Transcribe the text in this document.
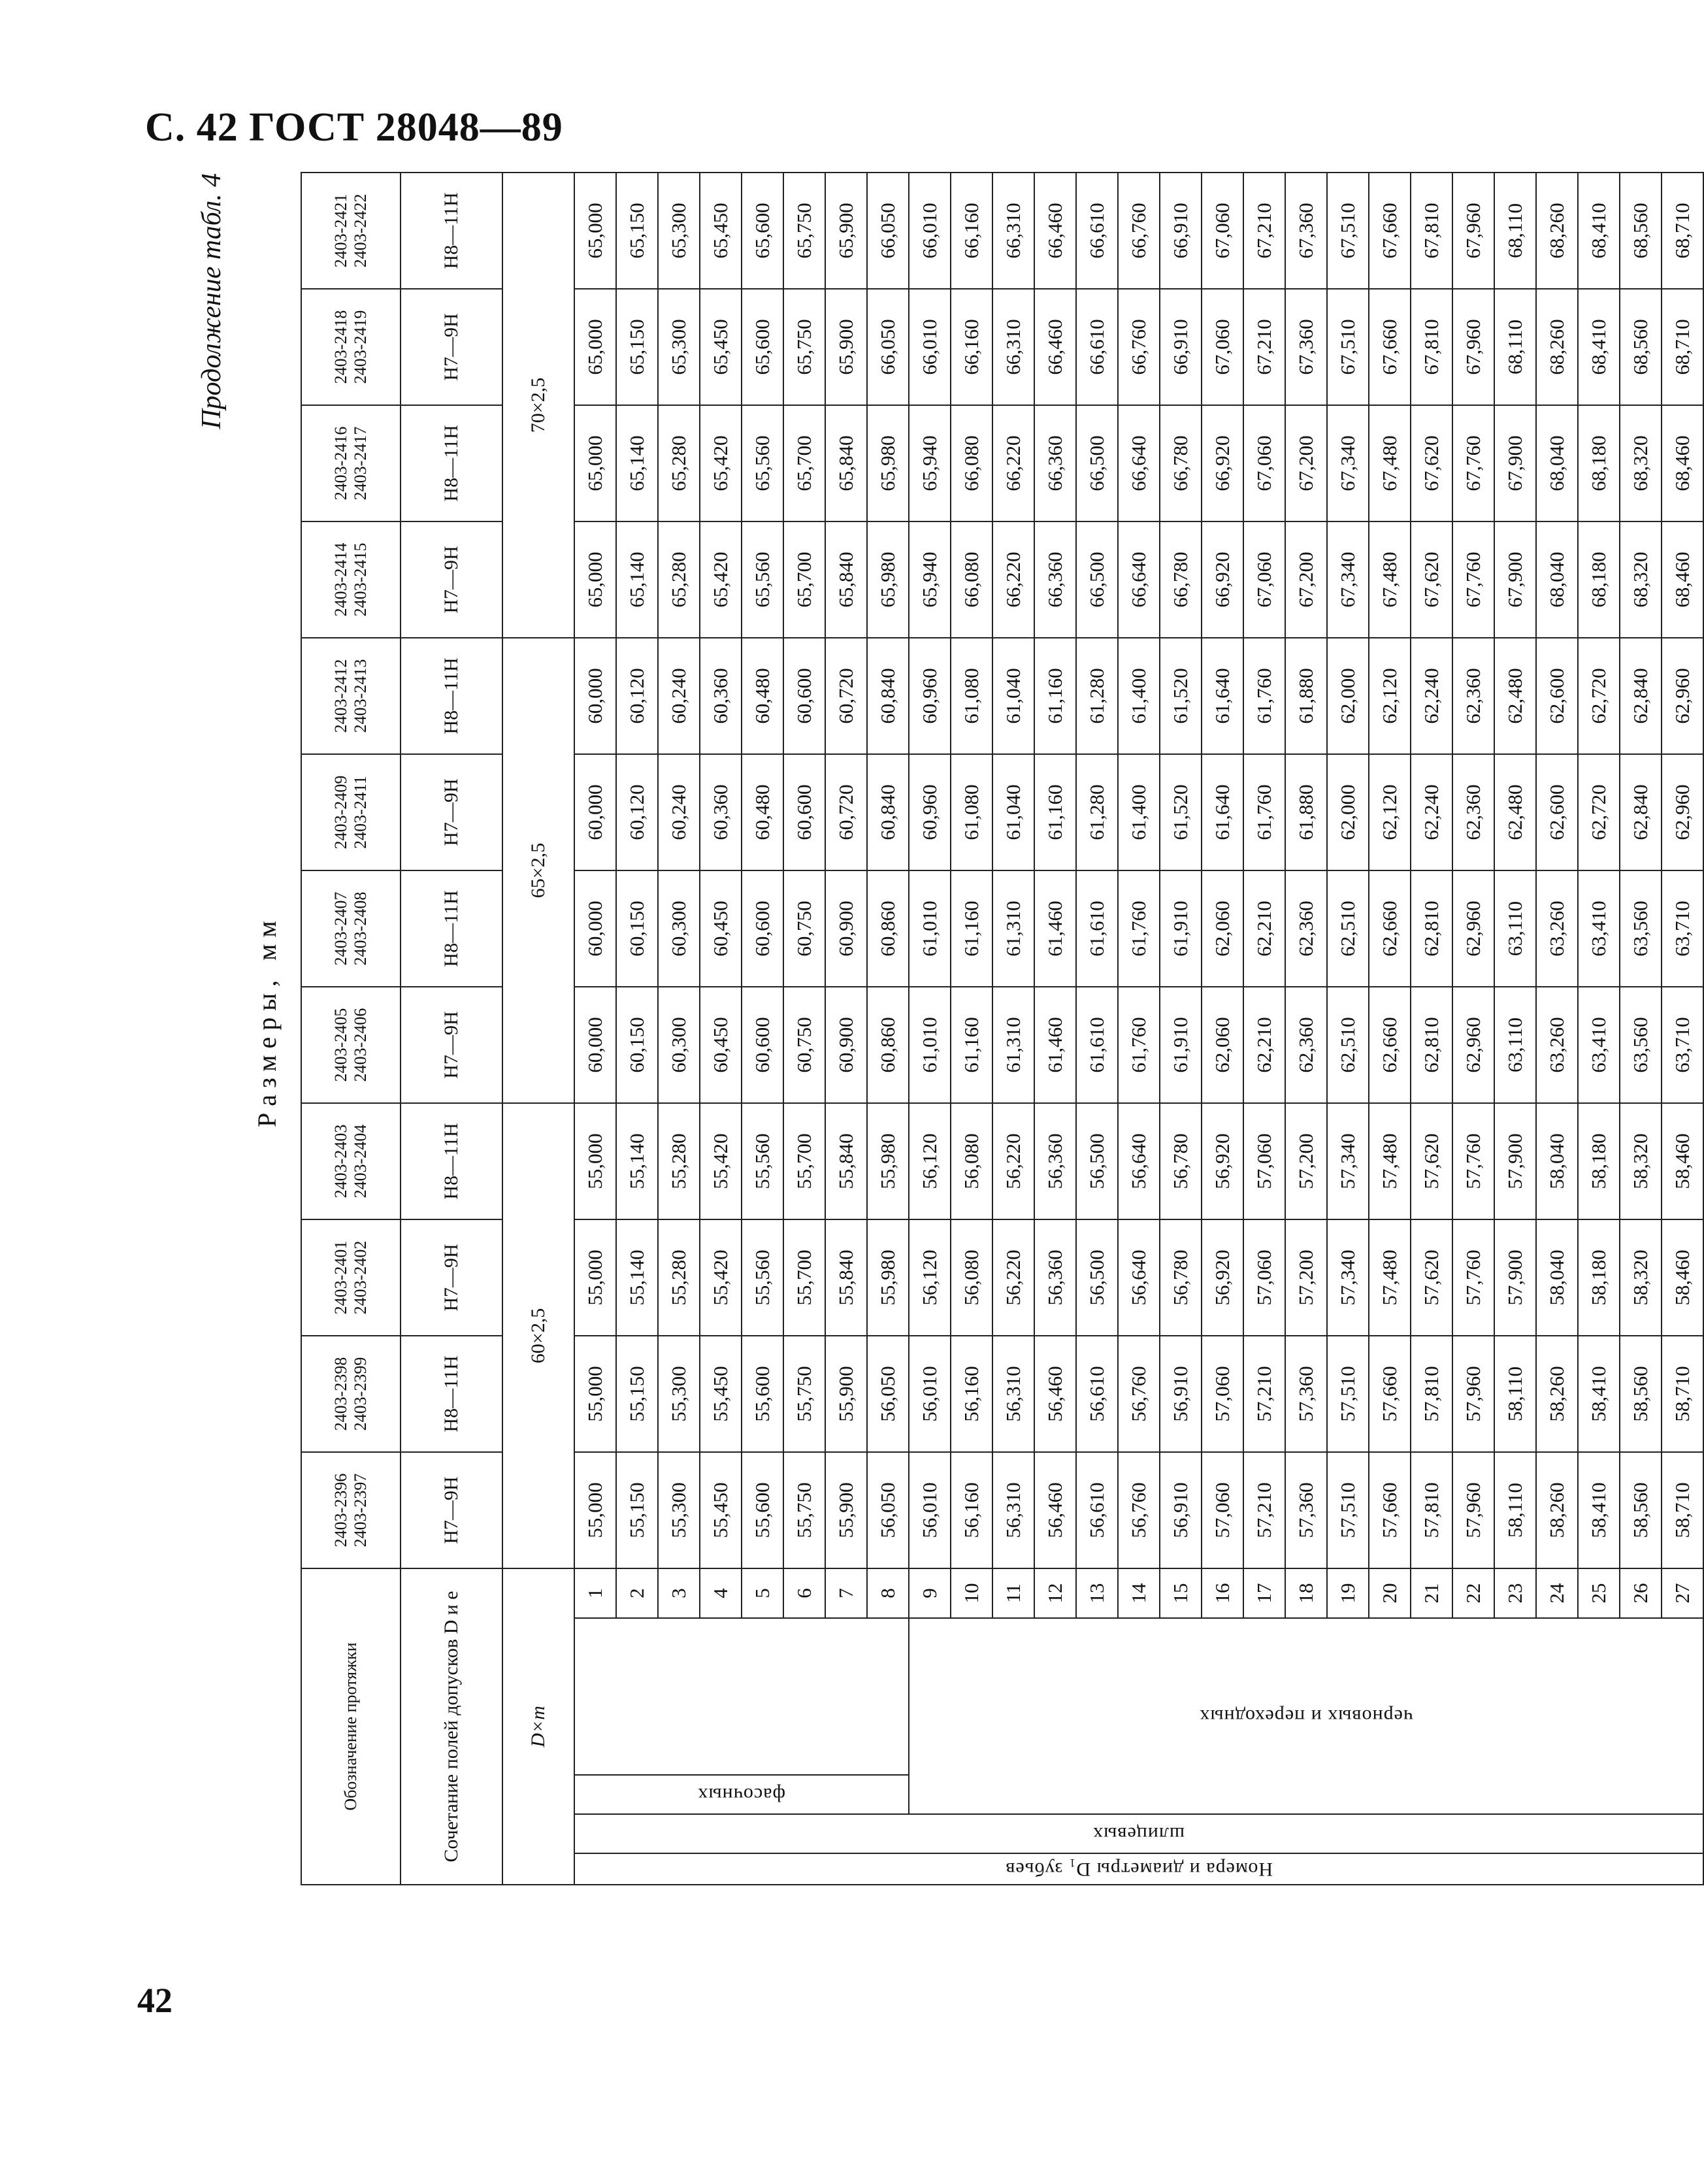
С. 42 ГОСТ 28048—89
42
Продолжение табл. 4
Размеры, мм
Обозначение протяжки					2403-2396 2403-2397	2403-2398 2403-2399	2403-2401 2403-2402	2403-2403 2403-2404	2403-2405 2403-2406	2403-2407 2403-2408	2403-2409 2403-2411	2403-2412 2403-2413	2403-2414 2403-2415	2403-2416 2403-2417	2403-2418 2403-2419	2403-2421 2403-2422
Сочетание полей допусков D и e					H7—9H	H8—11H	H7—9H	H8—11H	H7—9H	H8—11H	H7—9H	H8—11H	H7—9H	H8—11H	H7—9H	H8—11H
D×m					60×2,5				65×2,5				70×2,5			
Номера и диаметры D₁ зубьев	шлицевых	фасочных		1	55,000	55,000	55,000	55,000	60,000	60,000	60,000	60,000	65,000	65,000	65,000	65,000
				2	55,150	55,150	55,140	55,140	60,150	60,150	60,120	60,120	65,140	65,140	65,150	65,150
				3	55,300	55,300	55,280	55,280	60,300	60,300	60,240	60,240	65,280	65,280	65,300	65,300
				4	55,450	55,450	55,420	55,420	60,450	60,450	60,360	60,360	65,420	65,420	65,450	65,450
				5	55,600	55,600	55,560	55,560	60,600	60,600	60,480	60,480	65,560	65,560	65,600	65,600
				6	55,750	55,750	55,700	55,700	60,750	60,750	60,600	60,600	65,700	65,700	65,750	65,750
				7	55,900	55,900	55,840	55,840	60,900	60,900	60,720	60,720	65,840	65,840	65,900	65,900
				8	56,050	56,050	55,980	55,980	60,860	60,860	60,840	60,840	65,980	65,980	66,050	66,050
		черновых и переходных		9	56,010	56,010	56,120	56,120	61,010	61,010	60,960	60,960	65,940	65,940	66,010	66,010
				10	56,160	56,160	56,080	56,080	61,160	61,160	61,080	61,080	66,080	66,080	66,160	66,160
				11	56,310	56,310	56,220	56,220	61,310	61,310	61,040	61,040	66,220	66,220	66,310	66,310
				12	56,460	56,460	56,360	56,360	61,460	61,460	61,160	61,160	66,360	66,360	66,460	66,460
				13	56,610	56,610	56,500	56,500	61,610	61,610	61,280	61,280	66,500	66,500	66,610	66,610
				14	56,760	56,760	56,640	56,640	61,760	61,760	61,400	61,400	66,640	66,640	66,760	66,760
				15	56,910	56,910	56,780	56,780	61,910	61,910	61,520	61,520	66,780	66,780	66,910	66,910
				16	57,060	57,060	56,920	56,920	62,060	62,060	61,640	61,640	66,920	66,920	67,060	67,060
				17	57,210	57,210	57,060	57,060	62,210	62,210	61,760	61,760	67,060	67,060	67,210	67,210
				18	57,360	57,360	57,200	57,200	62,360	62,360	61,880	61,880	67,200	67,200	67,360	67,360
				19	57,510	57,510	57,340	57,340	62,510	62,510	62,000	62,000	67,340	67,340	67,510	67,510
				20	57,660	57,660	57,480	57,480	62,660	62,660	62,120	62,120	67,480	67,480	67,660	67,660
				21	57,810	57,810	57,620	57,620	62,810	62,810	62,240	62,240	67,620	67,620	67,810	67,810
				22	57,960	57,960	57,760	57,760	62,960	62,960	62,360	62,360	67,760	67,760	67,960	67,960
				23	58,110	58,110	57,900	57,900	63,110	63,110	62,480	62,480	67,900	67,900	68,110	68,110
				24	58,260	58,260	58,040	58,040	63,260	63,260	62,600	62,600	68,040	68,040	68,260	68,260
				25	58,410	58,410	58,180	58,180	63,410	63,410	62,720	62,720	68,180	68,180	68,410	68,410
				26	58,560	58,560	58,320	58,320	63,560	63,560	62,840	62,840	68,320	68,320	68,560	68,560
				27	58,710	58,710	58,460	58,460	63,710	63,710	62,960	62,960	68,460	68,460	68,710	68,710
